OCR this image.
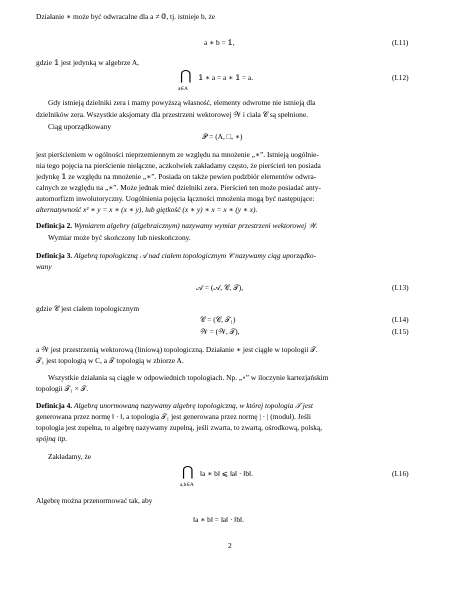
Działanie ∗ może być odwracalne dla a ≠ 𝟘, tj. istnieje b, że
a ∗ b = 𝟙,	(I.11)
gdzie 𝟙 jest jedynką w algebrze A,
⋂ 𝟙 ∗ a = a ∗ 𝟙 = a.
a∈A
(I.12)
Gdy istnieją dzielniki zera i mamy powyższą własność, elementy odwrotne nie istnieją dla
dzielników zera. Wszystkie aksjomaty dla przestrzeni wektorowej 𝒲 i ciała 𝒞 są spełnione.
Ciąg uporządkowany
𝒫 = (A, □, ∗)
jest pierścieniem w ogólności nieprzemiennym ze względu na mnożenie „∗”. Istnieją uogólnie-
nia tego pojęcia na pierścienie niełączne, aczkolwiek zakładamy często, że pierścień ten posiada
jedynkę 𝟙 ze względu na mnożenie „∗”. Posiada on także pewien podzbiór elementów odwra-
calnych ze względu na „∗”. Może jednak mieć dzielniki zera. Pierścień ten może posiadać anty-
automorfizm inwolutoryczny. Uogólnienia pojęcia łączności mnożenia mogą być następujące:
alternatywność x² ∗ y = x ∗ (x ∗ y), lub giętkość (x ∗ y) ∗ x = x ∗ (y ∗ x).
Definicja 2. Wymiarem algebry (algebraicznym) nazywamy wymiar przestrzeni wektorowej 𝒲.
Wymiar może być skończony lub nieskończony.
Definicja 3. Algebrą topologiczną 𝒜 nad ciałem topologicznym 𝒞 nazywamy ciąg uporządko-
wany
𝒜 = (𝒜, 𝒞, 𝒯),	(I.13)
gdzie 𝒞 jest ciałem topologicznym
𝒞 = (𝒞, 𝒯₁)	(I.14)
𝒲 = (𝒲, 𝒯),	(I.15)
a 𝒲 jest przestrzenią wektorową (liniową) topologiczną. Działanie ∗ jest ciągłe w topologii 𝒯.
𝒯₁ jest topologią w C, a 𝒯 topologią w zbiorze A.
Wszystkie działania są ciągłe w odpowiednich topologiach. Np. „∘” w iloczynie kartezjańskim
topologii 𝒯₁ × 𝒯.
Definicja 4. Algebrą unormowaną nazywamy algebrę topologiczną, w której topologia 𝒯 jest
generowana przez normę ‖ · ‖, a topologia 𝒯₁ jest generowana przez normę | · | (moduł). Jeśli
topologia jest zupełna, to algebrę nazywamy zupełną, jeśli zwarta, to zwartą, ośrodkową, polską,
spójną itp.
Zakładamy, że
⋂ ‖a ∗ b‖ ⩽ ‖a‖ · ‖b‖.
a,b∈A
(I.16)
Algebrę można przenormować tak, aby
‖a ∗ b‖ = ‖a‖ · ‖b‖.
2
